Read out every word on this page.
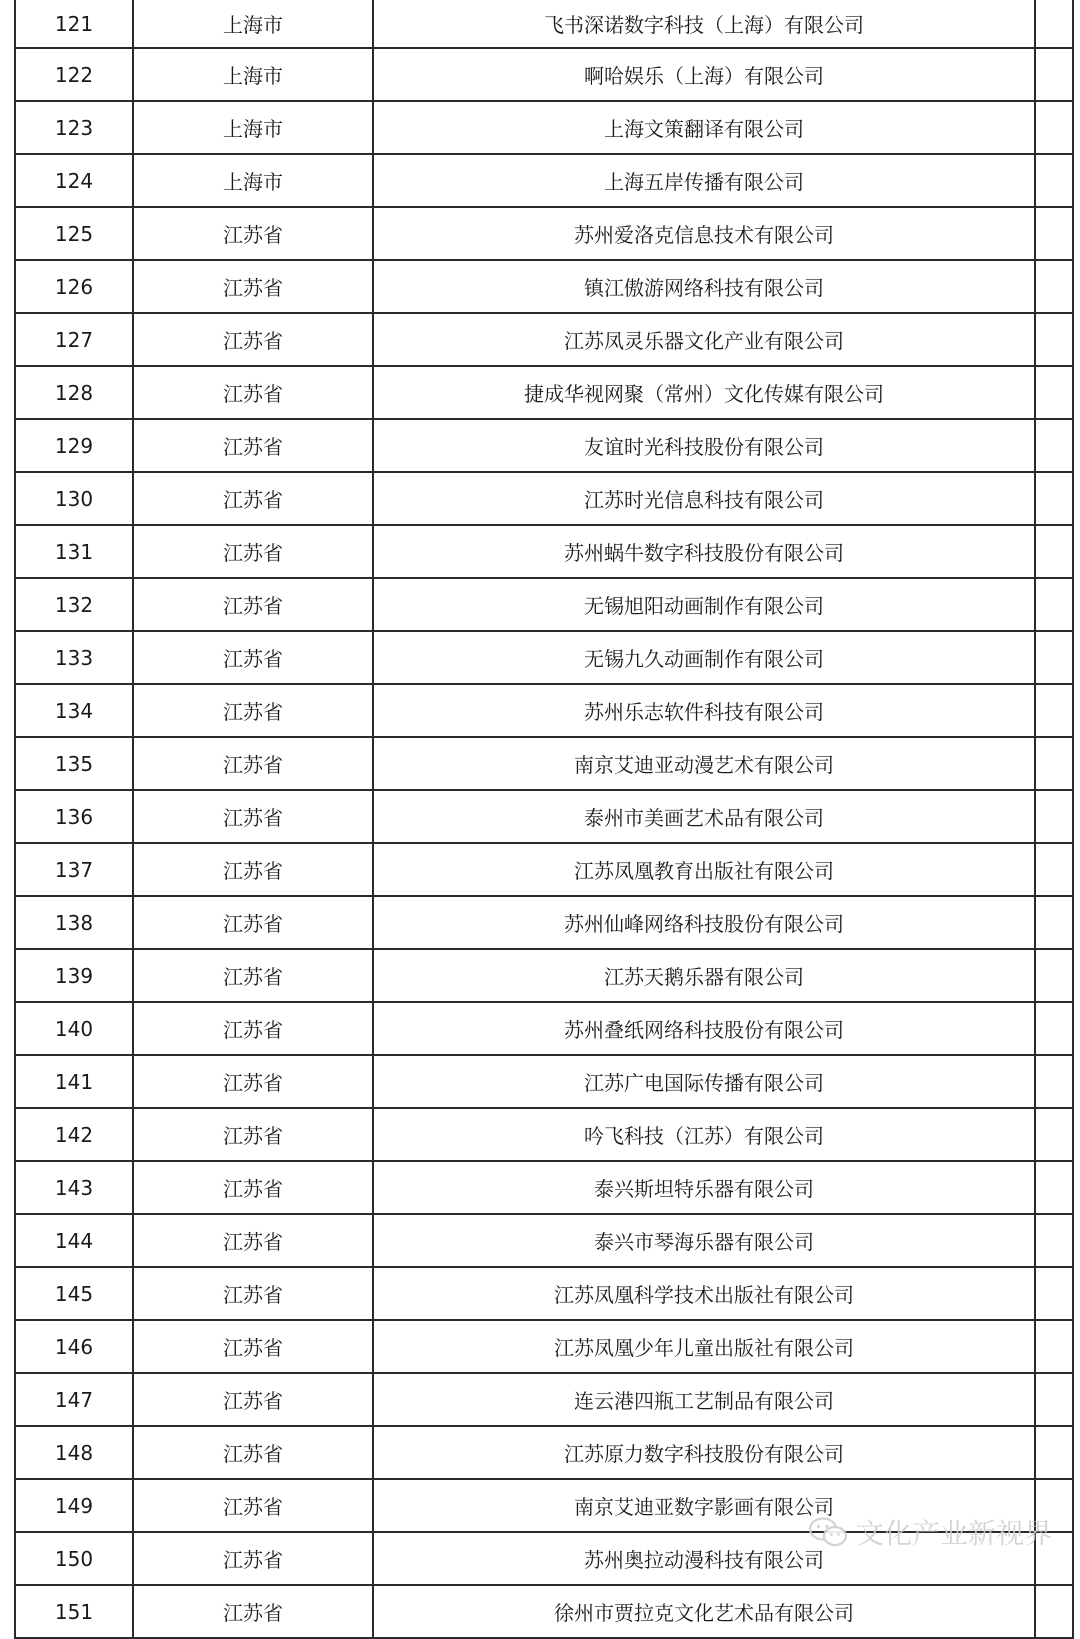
121	上海市	飞书深诺数字科技（上海）有限公司	
122	上海市	啊哈娱乐（上海）有限公司	
123	上海市	上海文策翻译有限公司	
124	上海市	上海五岸传播有限公司	
125	江苏省	苏州爱洛克信息技术有限公司	
126	江苏省	镇江傲游网络科技有限公司	
127	江苏省	江苏凤灵乐器文化产业有限公司	
128	江苏省	捷成华视网聚（常州）文化传媒有限公司	
129	江苏省	友谊时光科技股份有限公司	
130	江苏省	江苏时光信息科技有限公司	
131	江苏省	苏州蜗牛数字科技股份有限公司	
132	江苏省	无锡旭阳动画制作有限公司	
133	江苏省	无锡九久动画制作有限公司	
134	江苏省	苏州乐志软件科技有限公司	
135	江苏省	南京艾迪亚动漫艺术有限公司	
136	江苏省	泰州市美画艺术品有限公司	
137	江苏省	江苏凤凰教育出版社有限公司	
138	江苏省	苏州仙峰网络科技股份有限公司	
139	江苏省	江苏天鹅乐器有限公司	
140	江苏省	苏州叠纸网络科技股份有限公司	
141	江苏省	江苏广电国际传播有限公司	
142	江苏省	吟飞科技（江苏）有限公司	
143	江苏省	泰兴斯坦特乐器有限公司	
144	江苏省	泰兴市琴海乐器有限公司	
145	江苏省	江苏凤凰科学技术出版社有限公司	
146	江苏省	江苏凤凰少年儿童出版社有限公司	
147	江苏省	连云港四瓶工艺制品有限公司	
148	江苏省	江苏原力数字科技股份有限公司	
149	江苏省	南京艾迪亚数字影画有限公司	
150	江苏省	苏州奥拉动漫科技有限公司	
151	江苏省	徐州市贾拉克文化艺术品有限公司	
文化产业新视界
